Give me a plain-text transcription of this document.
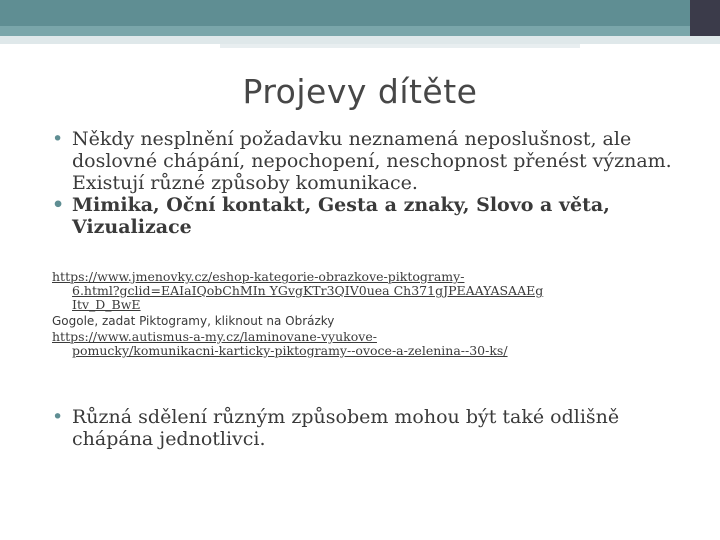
Projevy dítěte
• Někdy nesplnění požadavku neznamená neposlušnost, ale doslovné chápání, nepochopení, neschopnost přenést význam. Existují různé způsoby komunikace.
• Mimika, Oční kontakt, Gesta a znaky, Slovo a věta, Vizualizace
https://www.jmenovky.cz/eshop-kategorie-obrazkove-piktogramy-
6.html?gclid=EAIaIQobChMIn YGvgKTr3QIV0uea Ch371gJPEAAYASAAEg
Itv_D_BwE
Gogole, zadat Piktogramy, kliknout na Obrázky
https://www.autismus-a-my.cz/laminovane-vyukove-
pomucky/komunikacni-karticky-piktogramy--ovoce-a-zelenina--30-ks/
• Různá sdělení různým způsobem mohou být také odlišně chápána jednotlivci.
